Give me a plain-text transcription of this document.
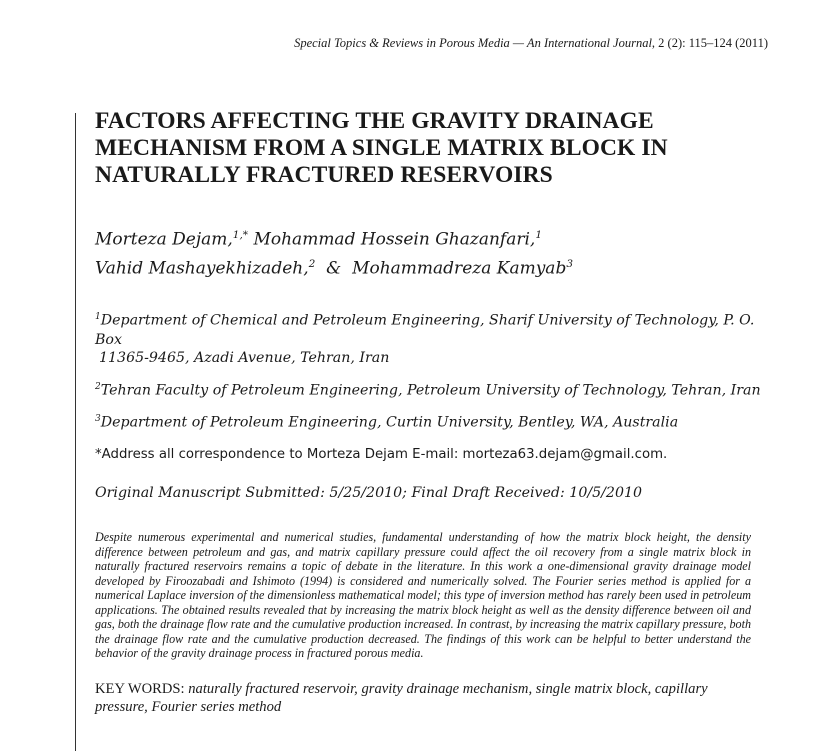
Special Topics & Reviews in Porous Media — An International Journal, 2 (2): 115–124 (2011)
FACTORS AFFECTING THE GRAVITY DRAINAGE MECHANISM FROM A SINGLE MATRIX BLOCK IN NATURALLY FRACTURED RESERVOIRS
Morteza Dejam,$^{1,*}$ Mohammad Hossein Ghazanfari,$^1$
Vahid Mashayekhizadeh,$^2$ & Mohammadreza Kamyab$^3$
$^1$Department of Chemical and Petroleum Engineering, Sharif University of Technology, P. O. Box
11365-9465, Azadi Avenue, Tehran, Iran
$^2$Tehran Faculty of Petroleum Engineering, Petroleum University of Technology, Tehran, Iran
$^3$Department of Petroleum Engineering, Curtin University, Bentley, WA, Australia
*Address all correspondence to Morteza Dejam E-mail: morteza63.dejam@gmail.com.
Original Manuscript Submitted: 5/25/2010; Final Draft Received: 10/5/2010
Despite numerous experimental and numerical studies, fundamental understanding of how the matrix block height, the density difference between petroleum and gas, and matrix capillary pressure could affect the oil recovery from a single matrix block in naturally fractured reservoirs remains a topic of debate in the literature. In this work a one-dimensional gravity drainage model developed by Firoozabadi and Ishimoto (1994) is considered and numerically solved. The Fourier series method is applied for a numerical Laplace inversion of the dimensionless mathematical model; this type of inversion method has rarely been used in petroleum applications. The obtained results revealed that by increasing the matrix block height as well as the density difference between oil and gas, both the drainage flow rate and the cumulative production increased. In contrast, by increasing the matrix capillary pressure, both the drainage flow rate and the cumulative production decreased. The findings of this work can be helpful to better understand the behavior of the gravity drainage process in fractured porous media.
KEY WORDS: naturally fractured reservoir, gravity drainage mechanism, single matrix block, capillary pressure, Fourier series method
